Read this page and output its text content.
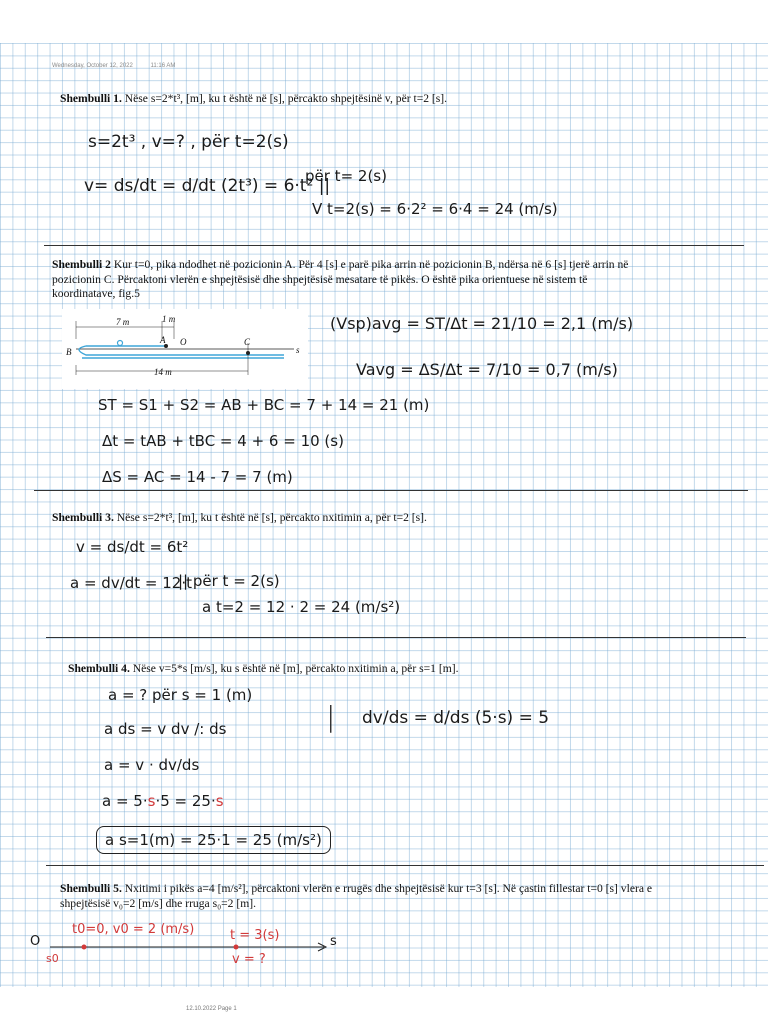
Wednesday, October 12, 2022	11:16 AM
Shembulli 1. Nëse s=2*t³, [m], ku t është në [s], përcakto shpejtësinë v, për t=2 [s].
s=2t³ , v=? , për t=2(s)
v= ds/dt = d/dt (2t³) = 6·t² ||
për t= 2(s)
V t=2(s) = 6·2² = 6·4 = 24 (m/s)
Shembulli 2 Kur t=0, pika ndodhet në pozicionin A. Për 4 [s] e parë pika arrin në pozicionin B, ndërsa në 6 [s] tjerë arrin në pozicionin C. Përcaktoni vlerën e shpejtësisë dhe shpejtësisë mesatare të pikës. O është pika orientuese në sistem të koordinatave, fig.5
7 m	1 m
14 m
B
A O	C
s
(Vsp)avg = ST/Δt = 21/10 = 2,1 (m/s)
Vavg = ΔS/Δt = 7/10 = 0,7 (m/s)
ST = S1 + S2 = AB + BC = 7 + 14 = 21 (m)
Δt = tAB + tBC = 4 + 6 = 10 (s)
ΔS = AC = 14 - 7 = 7 (m)
Shembulli 3. Nëse s=2*t³, [m], ku t është në [s], përcakto nxitimin a, për t=2 [s].
v = ds/dt = 6t²
a = dv/dt = 12·t
|| për t = 2(s)
a t=2 = 12 · 2 = 24 (m/s²)
Shembulli 4. Nëse v=5*s [m/s], ku s është në [m], përcakto nxitimin a, për s=1 [m].
a = ? për s = 1 (m)
a ds = v dv /: ds
a = v · dv/ds
a = 5·s·5 = 25·s
a s=1(m) = 25·1 = 25 (m/s²)
| dv/ds = d/ds (5·s) = 5
Shembulli 5. Nxitimi i pikës a=4 [m/s²], përcaktoni vlerën e rrugës dhe shpejtësisë kur t=3 [s]. Në çastin fillestar t=0 [s] vlera e shpejtësisë v₀=2 [m/s] dhe rruga s₀=2 [m].
O
t0=0, v0 = 2 (m/s)
s0
t = 3(s)
v = ?
s
12.10.2022 Page 1
